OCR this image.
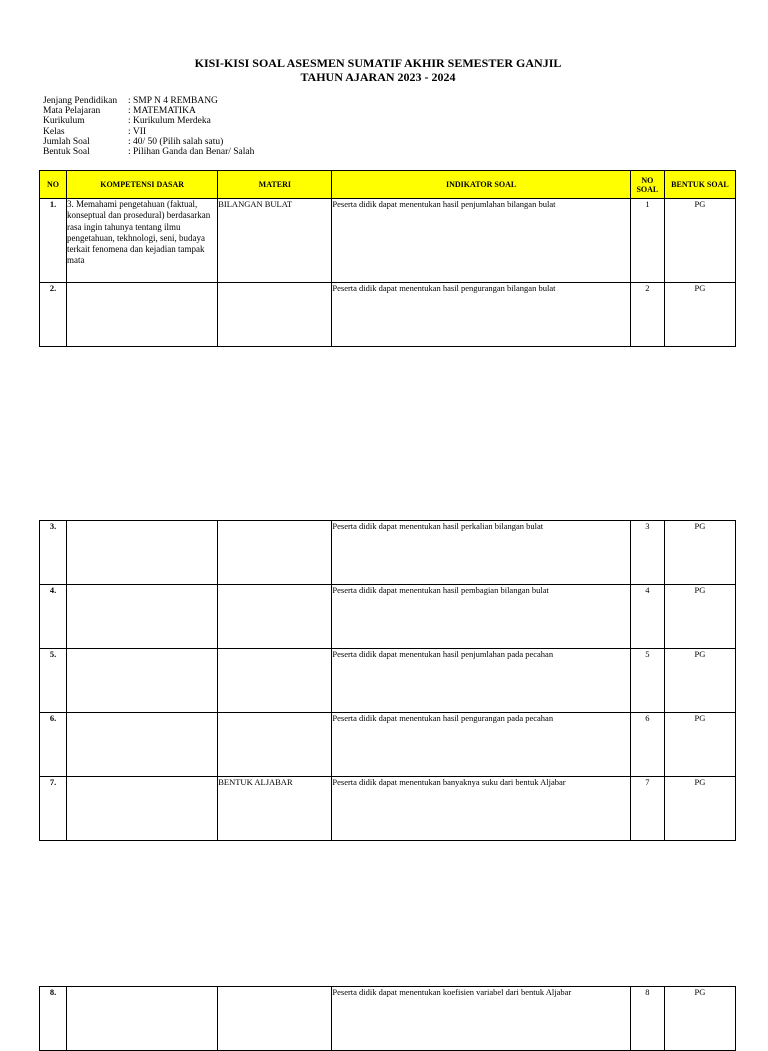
KISI-KISI SOAL ASESMEN SUMATIF AKHIR SEMESTER GANJIL
TAHUN AJARAN 2023 - 2024
Jenjang Pendidikan	: SMP N 4 REMBANG
Mata Pelajaran	: MATEMATIKA
Kurikulum	: Kurikulum Merdeka
Kelas	: VII
Jumlah Soal	: 40/ 50 (Pilih salah satu)
Bentuk Soal	: Pilihan Ganda dan Benar/ Salah
NO	KOMPETENSI DASAR	MATERI	INDIKATOR SOAL	NO SOAL	BENTUK SOAL
1.	3. Memahami pengetahuan (faktual, konseptual dan prosedural) berdasarkan rasa ingin tahunya tentang ilmu pengetahuan, tekhnologi, seni, budaya terkait fenomena dan kejadian tampak mata	BILANGAN BULAT	Peserta didik dapat menentukan hasil penjumlahan bilangan bulat	1	PG
2.			Peserta didik dapat menentukan hasil pengurangan bilangan bulat	2	PG
3.			Peserta didik dapat menentukan hasil perkalian bilangan bulat	3	PG
4.			Peserta didik dapat menentukan hasil pembagian bilangan bulat	4	PG
5.			Peserta didik dapat menentukan hasil penjumlahan pada pecahan	5	PG
6.			Peserta didik dapat menentukan hasil pengurangan pada pecahan	6	PG
7.		BENTUK ALJABAR	Peserta didik dapat menentukan banyaknya suku dari bentuk Aljabar	7	PG
8.			Peserta didik dapat menentukan koefisien variabel dari bentuk Aljabar	8	PG
